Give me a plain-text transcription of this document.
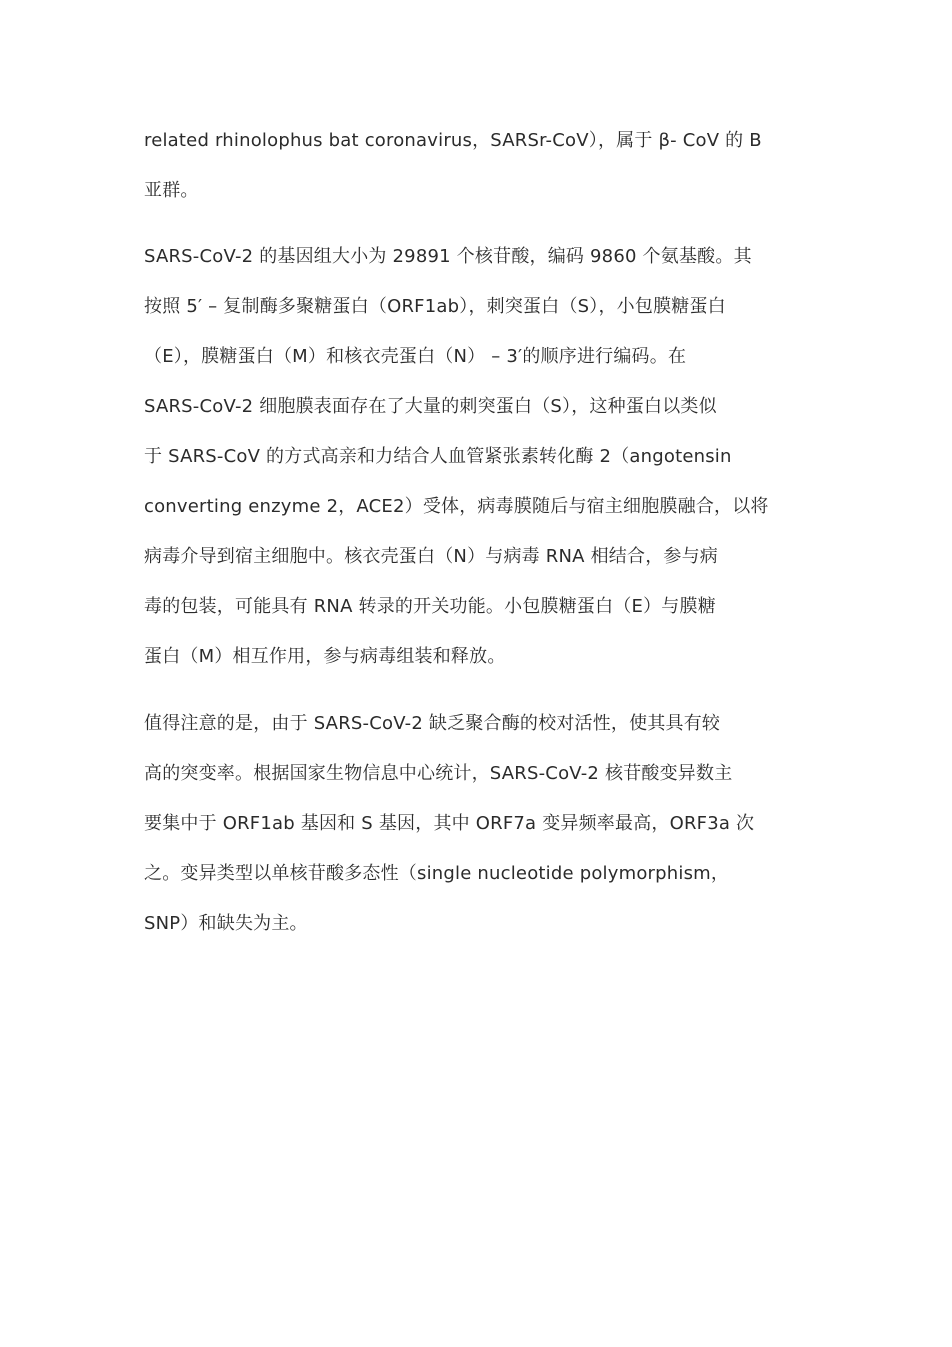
related rhinolophus bat coronavirus，SARSr-CoV），属于 β- CoV 的 B

亚群。

SARS-CoV-2 的基因组大小为 29891 个核苷酸，编码 9860 个氨基酸。其

按照 5′ – 复制酶多聚糖蛋白（ORF1ab），刺突蛋白（S），小包膜糖蛋白

（E），膜糖蛋白（M）和核衣壳蛋白（N） – 3′的顺序进行编码。在

SARS-CoV-2 细胞膜表面存在了大量的刺突蛋白（S），这种蛋白以类似

于 SARS-CoV 的方式高亲和力结合人血管紧张素转化酶 2（angotensin

converting enzyme 2，ACE2）受体，病毒膜随后与宿主细胞膜融合，以将

病毒介导到宿主细胞中。核衣壳蛋白（N）与病毒 RNA 相结合，参与病

毒的包装，可能具有 RNA 转录的开关功能。小包膜糖蛋白（E）与膜糖

蛋白（M）相互作用，参与病毒组装和释放。

值得注意的是，由于 SARS-CoV-2 缺乏聚合酶的校对活性，使其具有较

高的突变率。根据国家生物信息中心统计，SARS-CoV-2 核苷酸变异数主

要集中于 ORF1ab 基因和 S 基因，其中 ORF7a 变异频率最高，ORF3a 次

之。变异类型以单核苷酸多态性（single nucleotide polymorphism，

SNP）和缺失为主。
